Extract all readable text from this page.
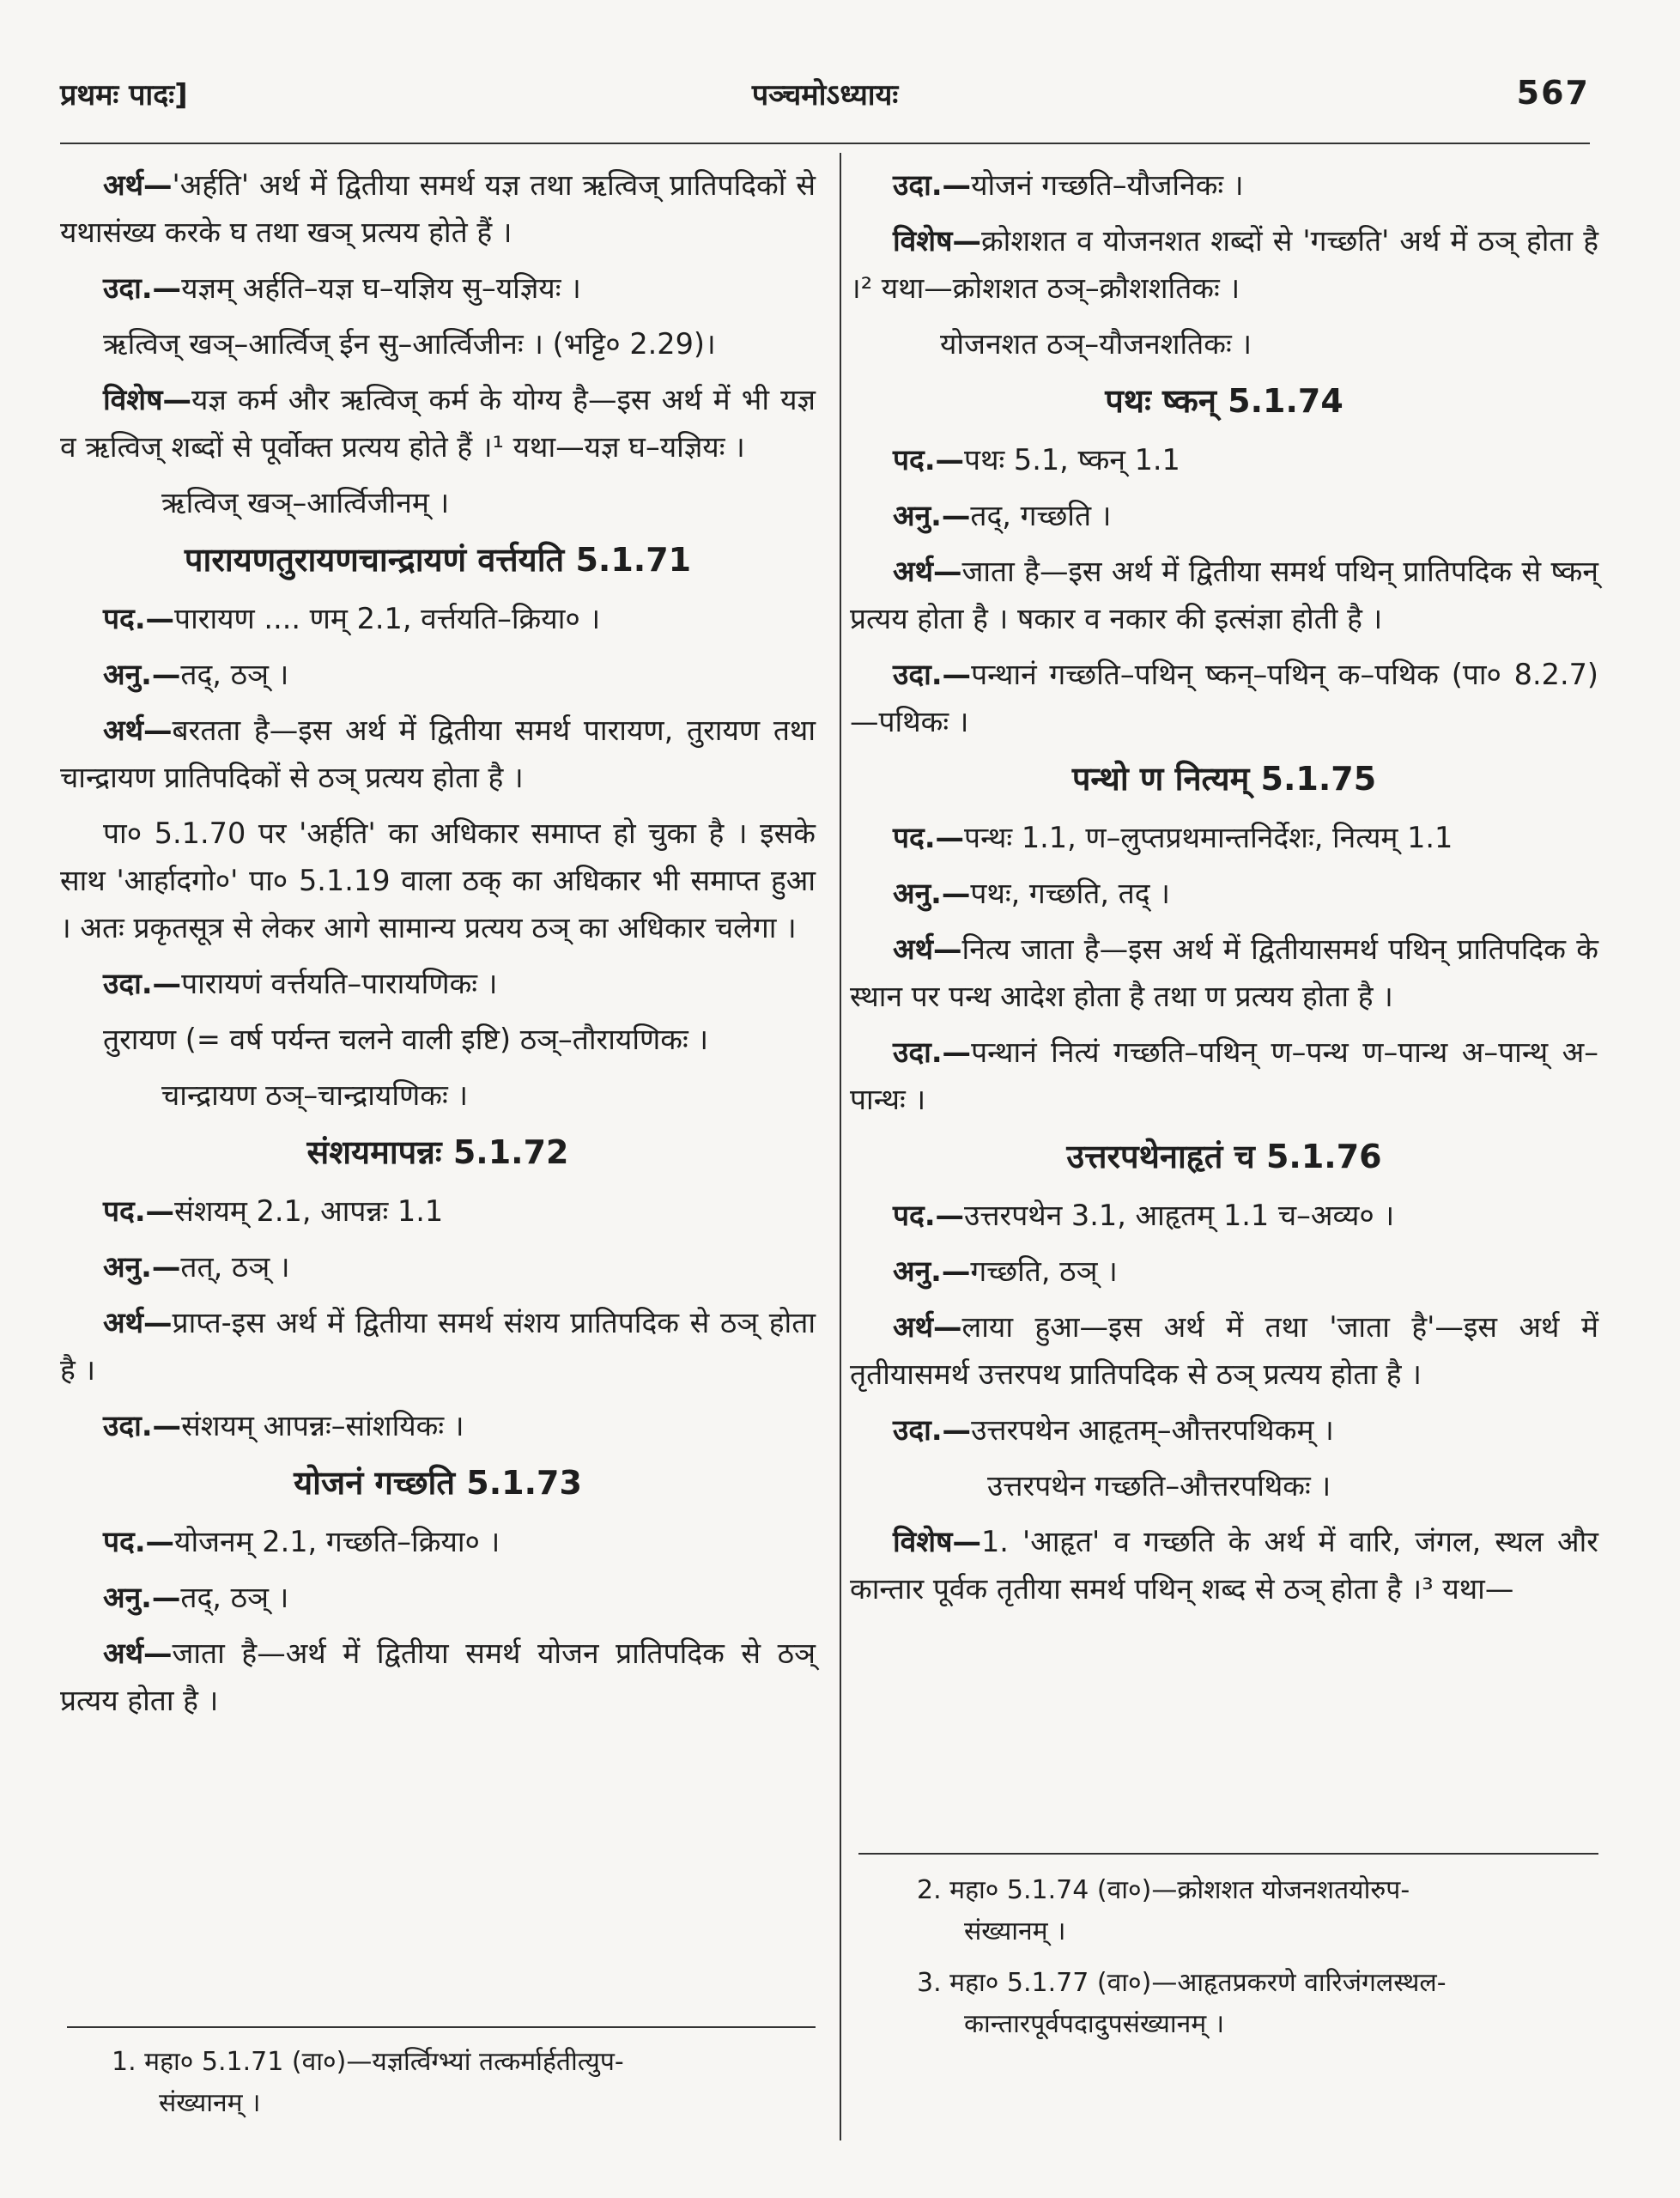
प्रथमः पादः]	पञ्चमोऽध्यायः	567

अर्थ—'अर्हति' अर्थ में द्वितीया समर्थ यज्ञ तथा ऋत्विज् प्रातिपदिकों से यथासंख्य करके घ तथा खञ् प्रत्यय होते हैं ।

उदा.—यज्ञम् अर्हति–यज्ञ घ–यज्ञिय सु–यज्ञियः ।

ऋत्विज् खञ्–आर्त्विज् ईन सु–आर्त्विजीनः । (भट्टि० 2.29)।

विशेष—यज्ञ कर्म और ऋत्विज् कर्म के योग्य है—इस अर्थ में भी यज्ञ व ऋत्विज् शब्दों से पूर्वोक्त प्रत्यय होते हैं ।¹ यथा—यज्ञ घ–यज्ञियः ।

ऋत्विज् खञ्–आर्त्विजीनम् ।

पारायणतुरायणचान्द्रायणं वर्त्तयति 5.1.71

पद.—पारायण .... णम् 2.1, वर्त्तयति–क्रिया० ।

अनु.—तद्, ठञ् ।

अर्थ—बरतता है—इस अर्थ में द्वितीया समर्थ पारायण, तुरायण तथा चान्द्रायण प्रातिपदिकों से ठञ् प्रत्यय होता है ।

पा० 5.1.70 पर 'अर्हति' का अधिकार समाप्त हो चुका है । इसके साथ 'आर्हादगो०' पा० 5.1.19 वाला ठक् का अधिकार भी समाप्त हुआ । अतः प्रकृतसूत्र से लेकर आगे सामान्य प्रत्यय ठञ् का अधिकार चलेगा ।

उदा.—पारायणं वर्त्तयति–पारायणिकः ।

तुरायण (= वर्ष पर्यन्त चलने वाली इष्टि) ठञ्–तौरायणिकः ।

चान्द्रायण ठञ्–चान्द्रायणिकः ।

संशयमापन्नः 5.1.72

पद.—संशयम् 2.1, आपन्नः 1.1

अनु.—तत्, ठञ् ।

अर्थ—प्राप्त-इस अर्थ में द्वितीया समर्थ संशय प्रातिपदिक से ठञ् होता है ।

उदा.—संशयम् आपन्नः–सांशयिकः ।

योजनं गच्छति 5.1.73

पद.—योजनम् 2.1, गच्छति–क्रिया० ।

अनु.—तद्, ठञ् ।

अर्थ—जाता है—अर्थ में द्वितीया समर्थ योजन प्रातिपदिक से ठञ् प्रत्यय होता है ।

उदा.—योजनं गच्छति–यौजनिकः ।

विशेष—क्रोशशत व योजनशत शब्दों से 'गच्छति' अर्थ में ठञ् होता है ।² यथा—क्रोशशत ठञ्–क्रौशशतिकः ।

योजनशत ठञ्–यौजनशतिकः ।

पथः ष्कन् 5.1.74

पद.—पथः 5.1, ष्कन् 1.1

अनु.—तद्, गच्छति ।

अर्थ—जाता है—इस अर्थ में द्वितीया समर्थ पथिन् प्रातिपदिक से ष्कन् प्रत्यय होता है । षकार व नकार की इत्संज्ञा होती है ।

उदा.—पन्थानं गच्छति–पथिन् ष्कन्–पथिन् क–पथिक (पा० 8.2.7)—पथिकः ।

पन्थो ण नित्यम् 5.1.75

पद.—पन्थः 1.1, ण–लुप्तप्रथमान्तनिर्देशः, नित्यम् 1.1

अनु.—पथः, गच्छति, तद् ।

अर्थ—नित्य जाता है—इस अर्थ में द्वितीयासमर्थ पथिन् प्रातिपदिक के स्थान पर पन्थ आदेश होता है तथा ण प्रत्यय होता है ।

उदा.—पन्थानं नित्यं गच्छति–पथिन् ण–पन्थ ण–पान्थ अ–पान्थ् अ–पान्थः ।

उत्तरपथेनाहृतं च 5.1.76

पद.—उत्तरपथेन 3.1, आहृतम् 1.1 च–अव्य० ।

अनु.—गच्छति, ठञ् ।

अर्थ—लाया हुआ—इस अर्थ में तथा 'जाता है'—इस अर्थ में तृतीयासमर्थ उत्तरपथ प्रातिपदिक से ठञ् प्रत्यय होता है ।

उदा.—उत्तरपथेन आहृतम्–औत्तरपथिकम् ।

उत्तरपथेन गच्छति–औत्तरपथिकः ।

विशेष—1. 'आहृत' व गच्छति के अर्थ में वारि, जंगल, स्थल और कान्तार पूर्वक तृतीया समर्थ पथिन् शब्द से ठञ् होता है ।³ यथा—

1. महा० 5.1.71 (वा०)—यज्ञर्त्विग्भ्यां तत्कर्मार्हतीत्युप-
संख्यानम् ।

2. महा० 5.1.74 (वा०)—क्रोशशत योजनशतयोरुप-
संख्यानम् ।

3. महा० 5.1.77 (वा०)—आहृतप्रकरणे वारिजंगलस्थल-
कान्तारपूर्वपदादुपसंख्यानम् ।
